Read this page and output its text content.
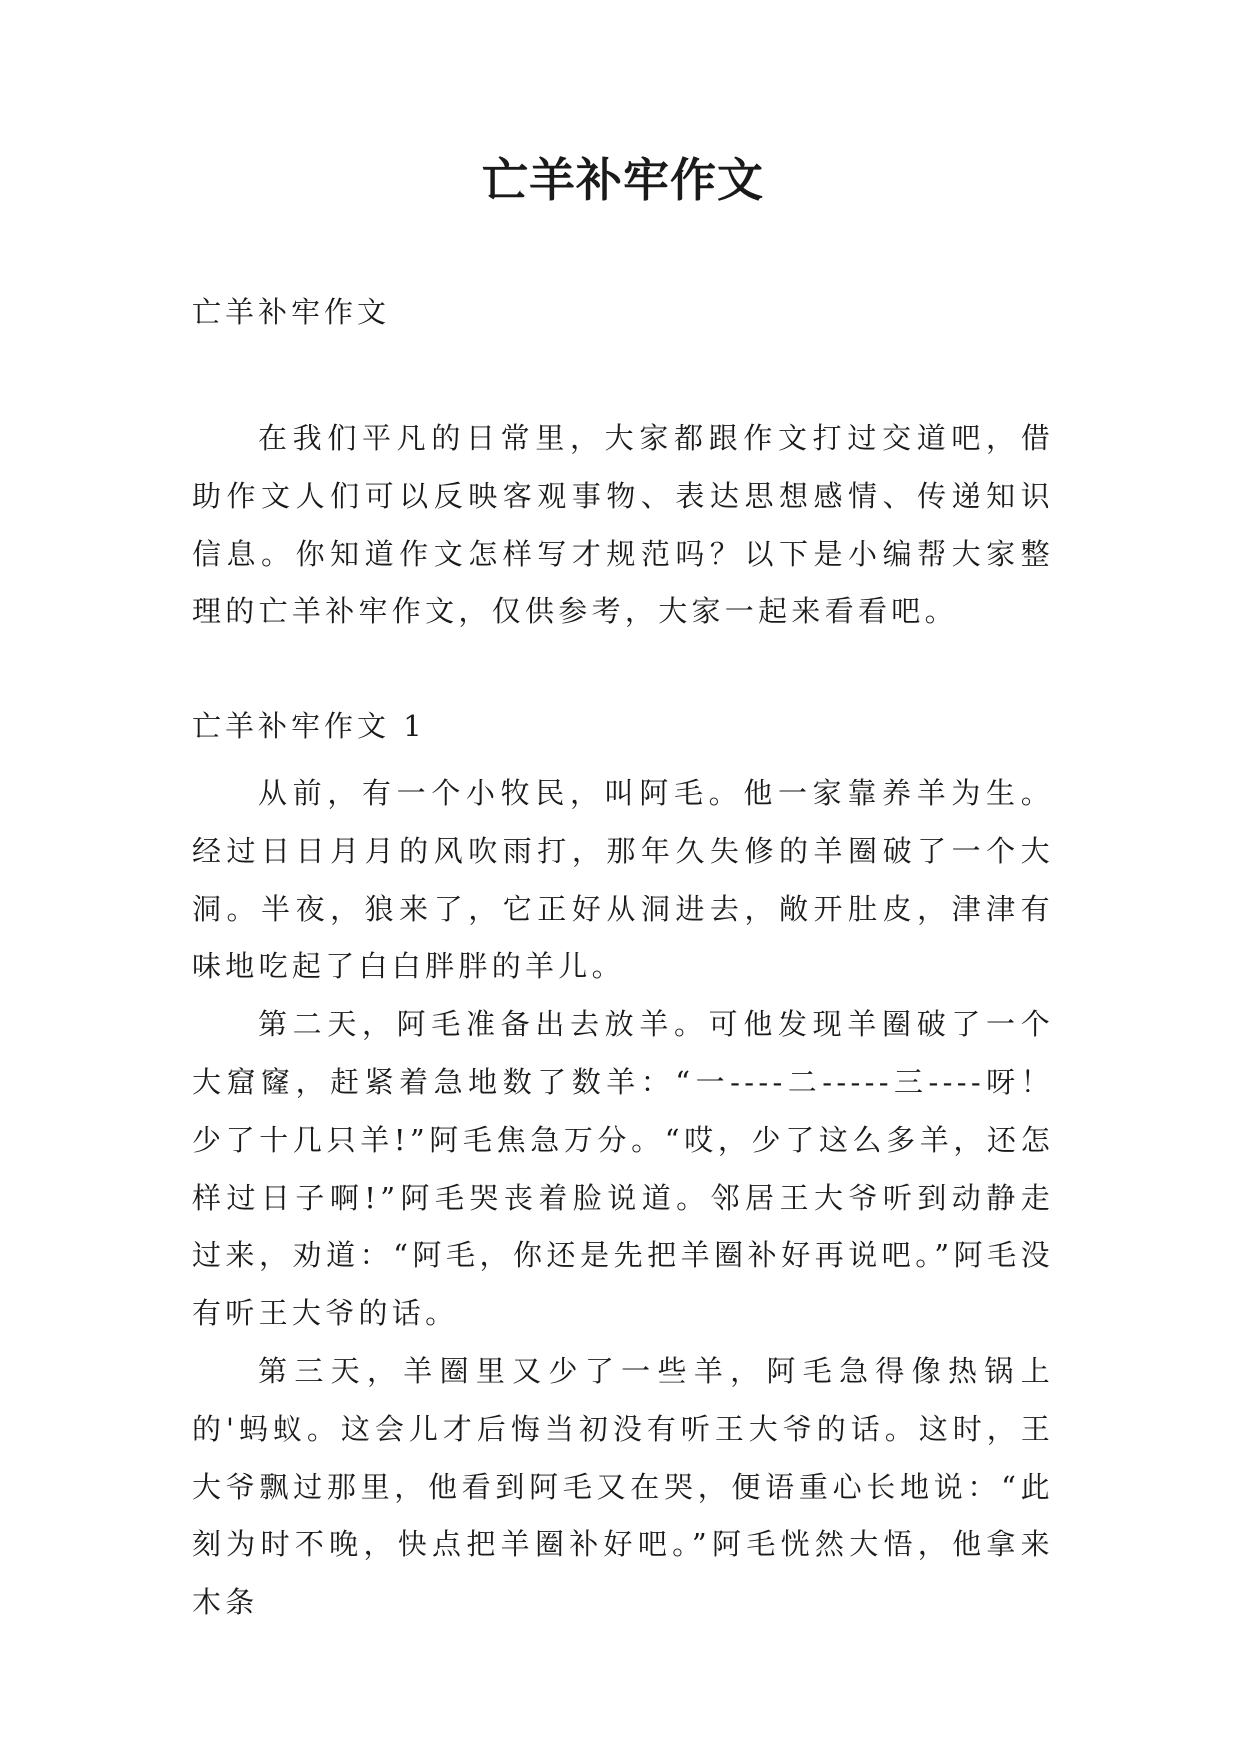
亡羊补牢作文

亡羊补牢作文

在我们平凡的日常里，大家都跟作文打过交道吧，借助作文人们可以反映客观事物、表达思想感情、传递知识信息。你知道作文怎样写才规范吗？以下是小编帮大家整理的亡羊补牢作文，仅供参考，大家一起来看看吧。

亡羊补牢作文 1

从前，有一个小牧民，叫阿毛。他一家靠养羊为生。经过日日月月的风吹雨打，那年久失修的羊圈破了一个大洞。半夜，狼来了，它正好从洞进去，敞开肚皮，津津有味地吃起了白白胖胖的羊儿。

第二天，阿毛准备出去放羊。可他发现羊圈破了一个大窟窿，赶紧着急地数了数羊：“一----二-----三----呀！少了十几只羊!”阿毛焦急万分。“哎，少了这么多羊，还怎样过日子啊!”阿毛哭丧着脸说道。邻居王大爷听到动静走过来，劝道：“阿毛，你还是先把羊圈补好再说吧。”阿毛没有听王大爷的话。

第三天，羊圈里又少了一些羊，阿毛急得像热锅上的'蚂蚁。这会儿才后悔当初没有听王大爷的话。这时，王大爷飘过那里，他看到阿毛又在哭，便语重心长地说：“此刻为时不晚，快点把羊圈补好吧。”阿毛恍然大悟，他拿来木条
